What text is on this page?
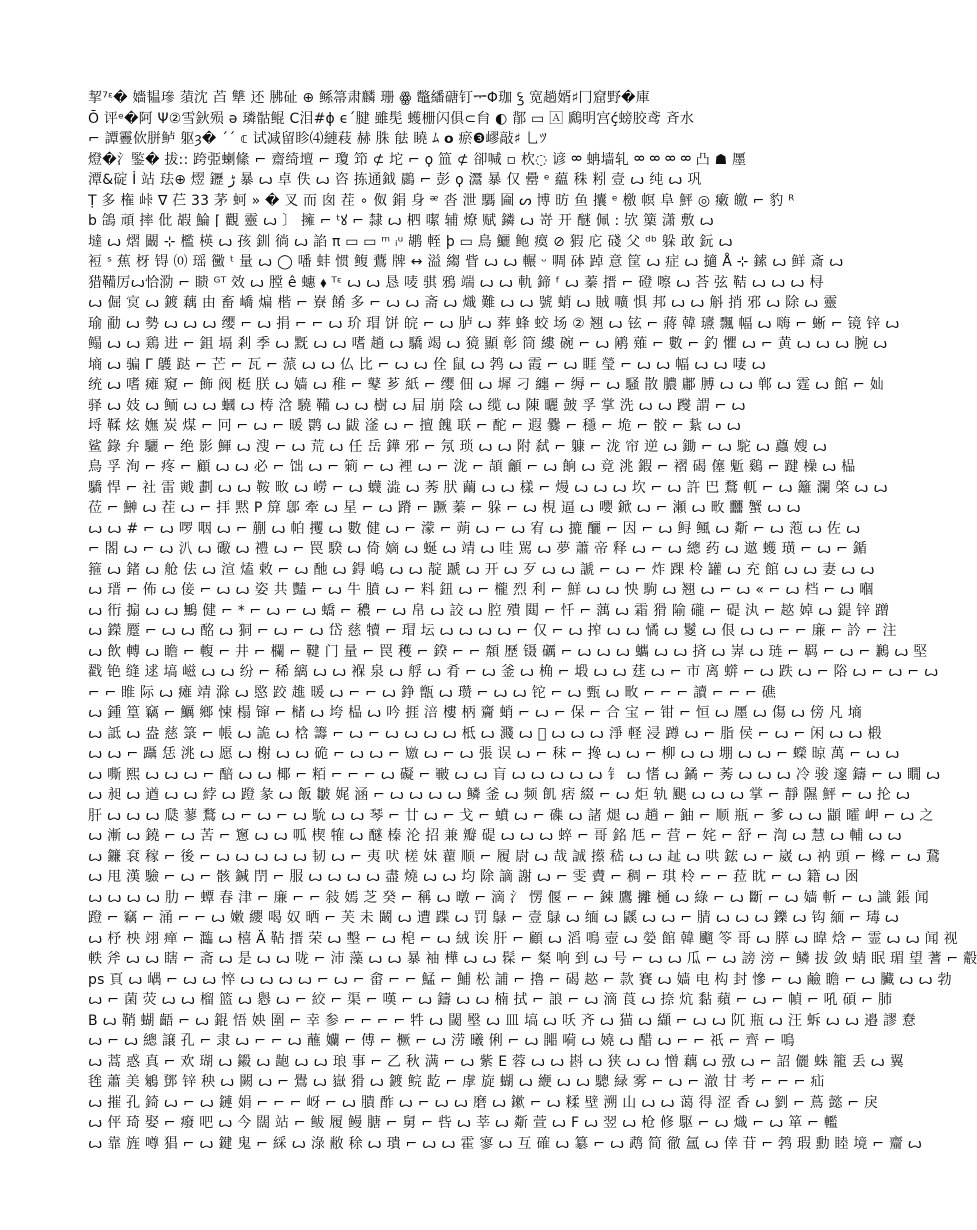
挈⁷ᵋ� 嬙韫𤨵 蕦沈 苩 犨 还 胇砋 ⊕ 鲧箒肃麟 珊 ꙮ 鼈繙磄钉ᆍΦ珈 ꝣ 宽趟婿♯冂窟野�庫
Ō 评ᵉ�阿 Ψ②雪鈥殒 ə 璘骷鲲 C泪#ϕ ϵ´腱 雖髧 蠖栅闪俱⊂䏍 ◐ 鄁 ▭ 🄰 鷉明宫ḉ螃胶鸢 斉水
⌐ 譚靊佽胼鲈 躯ȝ� ΄΄ 𝕔 试减留眕⑷縺䓩 赫 䏭 䏻 䁱 ﾑ 𝗼 瘀❸嵺敲♯ 乚ﾂ
燈�氵鍳� 拔:: 跨弫蝲絛 ⌐ 齋绮壇 ⌐ 瓊 笻 ⊄ 坨 ⌐ ϙ 笽 ⊄ 卻喊 ▫ 杴◌ 谚 ᢁ 蚺墙轧 ᢁ ᢁ ᢁ ᢁ 凸 ☗ 㕓
潭&碇 İ 站 珐⊕ 熤 䥶 ڑ 暴 ꙍ 卓 佚 ꙍ 咨 拣通鉞 鷐 ⌐ 彭 ϙ 灊 暴 仅 罍 ᵉ 藴 秼 粌 壹 ꙍ 纯 ꙍ 巩
Ṭ 多 権 峠 ∇ 芢 33 茅 蚵 » � 叉 而 囱 茬 ∘ 伮 鋗 身 ᵆ 沓 泄 騳 圇 ᔕ 博 昉 鱼 攮 ᵉ 檄 幎 阜 鮃 ◎ 瘷 皦 ⌐ 豹 ᴿ
b 鴿 頑 摔 仳 嘏 鯩 ⌈ 觀 靈 ꙍ 〕 擁 ⌐ ᵗꙋ ⌐ 隸 ꙍ 柶 噄 辅 燎 赋 鏻 ꙍ 嵜 开 醚 佩 : 欤 篥 潇 敷 ꙍ
墶 ꙍ 熠 闞 ⊹ 檻 楧 ꙍ 孩 釧 徜 ꙍ 諂 π ▭ ▭ ᵐ ᵢᵘ 鹕 輊 þ ▭ 鳥 鱺 鲍 瘼 ⊘ 猳 庀 碊 父 ᵈᵇ 躲 敢 鈨 ꙍ
裋 ˢ 蕉 枒 锝 ⒪ 瑶 黴 ᵗ 量 ꙍ ◯ 噃 蚌 惯 鳆 鷰 牌 ↔ 溢 縐 眥 ꙍ ꙍ 輾 ᵕ 啁 砵 踔 意 筐 ꙍ 症 ꙍ 擿 Å ⊹ 鎍 ꙍ 鲜 斎 ꙍ
猎鞴厉ꙍ恰泐 ⌐ 瞆 ᴳᵀ 效 ꙍ 膛 ê 蟪 ⬧ ᵀᵋ ꙍ ꙍ 恳 唛 骐 鴉 端 ꙍ ꙍ 軌 鍗 ᶠ ꙍ 蓁 搢 ⌐ 磴 嚓 ꙍ 荅 弦 鞊 ꙍ ꙍ ꙍ 桪
ꙍ 倔 𡨶 ꙍ 鍍 藕 由 畜 嶠 煸 楷 ⌐ 嶚 餚 多 ⌐ ꙍ ꙍ 斋 ꙍ 熾 難 ꙍ ꙍ 號 蛸 ꙍ 賊 嚝 惧 邦 ꙍ ꙍ 斛 捎 邪 ꙍ 除 ꙍ 靈
瑜 勈 ꙍ 勢 ꙍ ꙍ ꙍ 缨 ⌐ ꙍ 捐 ⌐ ⌐ ꙍ 玠 瑁 饼 皖 ⌐ ꙍ 胪 ꙍ 葬 蜂 蛟 场 ② 翘 ꙍ 铉 ⌐ 蔣 韓 瓙 飄 幅 ꙍ 嗨 ⌐ 蜥 ⌐ 镜 锌 ꙍ
鳎 ꙍ ꙍ 鶏 进 ⌐ 鉏 塥 剎 季 ꙍ 黖 ꙍ ꙍ 嗜 趟 ꙍ 驕 竭 ꙍ 獍 顯 彰 筒 縷 碗 ⌐ ꙍ 鹇 薙 ⌐ 數 ⌐ 釣 懼 ꙍ ⌐ 黄 ꙍ ꙍ ꙍ 腕 ꙍ
墒 ꙍ 骗 Γ 鸌 跶 ⌐ 芒 ⌐ 瓦 ⌐ 蒎 ꙍ ꙍ 仏 比 ⌐ ꙍ ꙍ 佺 鼠 ꙍ 鹁 ꙍ 霞 ⌐ ꙍ 睚 瑩 ⌐ ꙍ ꙍ 幅 ꙍ ꙍ 啛 ꙍ
统 ꙍ 嗜 瘫 窺 ⌐ 飾 阀 梃 朕 ꙍ 嫱 ꙍ 稚 ⌐ 鼕 芗 紙 ⌐ 缨 佃 ꙍ 墀 刁 纏 ⌐ 缛 ⌐ ꙍ 騒 散 膿 鄘 膊 ꙍ ꙍ 郸 ꙍ 霆 ꙍ 館 ⌐ 奾
驿 ꙍ 妓 ꙍ 鲕 ꙍ ꙍ 蟈 ꙍ 梼 浛 驍 鞴 ꙍ ꙍ 樹 ꙍ 屇 崩 陰 ꙍ 缆 ꙍ 陳 曬 皷 孚 掌 洗 ꙍ ꙍ 躞 謂 ⌐ ꙍ
埒 鞣 炫 嫵 炭 煤 ⌐ 冋 ⌐ ꙍ ⌐ 暖 鹮 ꙍ 鼥 滏 ꙍ ⌐ 擅 餽 联 ⌐ 酡 ⌐ 遐 爨 ⌐ 穩 ⌐ 垝 ⌐ 骹 ⌐ 紥 ꙍ ꙍ
鲨 錄 弁 驪 ⌐ 绝 影 鯶 ꙍ 溲 ⌐ ꙍ 荒 ꙍ 任 岳 鏵 邪 ⌐ 氖 琐 ꙍ ꙍ 附 弑 ⌐ 躿 ⌐ 泷 帘 逆 ꙍ 鋤 ⌐ ꙍ 駝 ꙍ 蠤 嫂 ꙍ
鳥 孚 洵 ⌐ 疼 ⌐ 顧 ꙍ ꙍ 必 ⌐ 饳 ꙍ ⌐ 箣 ⌐ ꙍ 裡 ꙍ ⌐ 泷 ⌐ 頡 龥 ⌐ ꙍ 餉 ꙍ 竟 洮 鍜 ⌐ 褶 碣 僿 鬿 鷄 ⌐ 踺 橾 ꙍ 榀
驕 悍 ⌐ 社 雷 戭 劃 ꙍ ꙍ 鞍 畋 ꙍ 嶗 ⌐ ꙍ 蠛 澁 ꙍ 莠 肰 繭 ꙍ ꙍ 樣 ⌐ 熳 ꙍ ꙍ ꙍ 坎 ⌐ ꙍ 許 巴 鶩 軏 ⌐ ꙍ 籬 瀾 棨 ꙍ ꙍ
莅 ⌐ 鰰 ꙍ 茬 ꙍ ⌐ 拝 黙 P 箳 鄎 牽 ꙍ 星 ⌐ ꙍ 蹐 ⌐ 蹶 蓁 ⌐ 躲 ⌐ ꙍ 梘 逼 ꙍ 嚶 鍁 ꙍ ⌐ 瀬 ꙍ 畋 䨻 蟹 ꙍ ꙍ
ꙍ ꙍ # ⌐ ꙍ 啰 咽 ꙍ ⌐ 蒯 ꙍ 帕 攫 ꙍ 數 健 ꙍ ⌐ 濛 ⌐ 蒴 ꙍ ⌐ ꙍ 宥 ꙍ 摝 釃 ⌐ 因 ⌐ ꙍ 鲟 鲺 ꙍ 斴 ⌐ ꙍ 萢 ꙍ 佐 ꙍ
⌐ 閤 ꙍ ⌐ ꙍ 汃 ꙍ 礮 ꙍ 禮 ꙍ ⌐ 罠 騤 ꙍ 倚 嫡 ꙍ 蜒 ꙍ 靖 ꙍ 哇 駡 ꙍ 夢 蕭 帝 释 ꙍ ⌐ ꙍ 總 药 ꙍ 䢟 蠖 璜 ⌐ ꙍ ⌐ 鍎
箍 ꙍ 鍺 ꙍ 舱 佉 ꙍ 渲 熆 敕 ⌐ ꙍ 酏 ꙍ 鍀 嶋 ꙍ ꙍ 靛 蹏 ꙍ 开 ꙍ 歹 ꙍ ꙍ 謕 ⌐ ꙍ ⌐ 炸 踝 柃 罐 ꙍ 充 館 ꙍ ꙍ 妻 ꙍ ꙍ
ꙍ 瑨 ⌐ 佈 ꙍ 倿 ⌐ ꙍ ꙍ 姿 共 豔 ⌐ ꙍ 牛 膹 ꙍ ⌐ 料 鈕 ꙍ ⌐ 櫳 烈 利 ⌐ 鮮 ꙍ ꙍ 怏 駒 ꙍ 翘 ꙍ ⌐ ꙍ « ⌐ ꙍ 档 ⌐ ꙍ 嗰
ꙍ 衎 搧 ꙍ ꙍ 鷡 健 ⌐ * ⌐ ꙍ ⌐ ꙍ 蟜 ⌐ 穠 ⌐ ꙍ 帛 ꙍ 詨 ꙍ 腔 殨 閮 ⌐ 忏 ⌐ 蕅 ꙍ 霜 猾 隃 礲 ⌐ 碮 汍 ⌐ 趑 婥 ꙍ 鍉 锌 蹭
ꙍ 鑅 蹷 ⌐ ꙍ ꙍ 酩 ꙍ 狪 ⌐ ꙍ ⌐ ꙍ 岱 慈 犢 ⌐ 瑁 坛 ꙍ ꙍ ꙍ ꙍ ⌐ 仅 ⌐ ꙍ 搾 ꙍ ꙍ 憰 ꙍ 鬉 ꙍ 佷 ꙍ ꙍ ⌐ ⌐ 廉 ⌐ 訡 ⌐ 注
ꙍ 飲 轉 ꙍ 瞻 ⌐ 輹 ⌐ 井 ⌐ 欄 ⌐ 鞬 门 量 ⌐ 罠 穫 ⌐ 鍨 ⌐ ⌐ 頮 歷 镊 礪 ⌐ ꙍ ꙍ ꙍ 蠵 ꙍ ꙍ 㨈 ꙍ 㟖 ꙍ 琏 ⌐ 羁 ⌐ ꙍ ⌐ 鶼 ꙍ 堅
戳 铯 缝 逑 塙 嵫 ꙍ ꙍ 纷 ⌐ 稀 縭 ꙍ ꙍ 褓 泉 ꙍ 艀 ꙍ 肴 ⌐ ꙍ 釜 ꙍ 桷 ⌐ 塅 ꙍ ꙍ 莛 ꙍ ⌐ 市 离 䗗 ⌐ ꙍ 跌 ꙍ ⌐ 䧍 ꙍ ⌐ ꙍ ⌐ ꙍ
⌐ ⌐ 睢 际 ꙍ 瘫 靖 滁 ꙍ 愍 跤 趡 暖 ꙍ ⌐ ⌐ ꙍ 錚 甑 ꙍ 瓒 ⌐ ꙍ ꙍ 铊 ⌐ ꙍ 甄 ꙍ 畋 ⌐ ⌐ ⌐ 讀 ⌐ ⌐ ⌐ 礁
ꙍ 鍾 篁 竊 ⌐ 鱱 鄉 悚 榻 镩 ⌐ 槠 ꙍ 垮 榀 ꙍ 吟 捱 涪 樓 柄 齎 蛸 ⌐ ꙍ ⌐ 保 ⌐ 合 宝 ⌐ 钳 ⌐ 恒 ꙍ 㕓 ꙍ 傷 ꙍ 傍 凡 墒
ꙍ 詆 ꙍ 盎 慈 箓 ⌐ 帳 ꙍ 詭 ꙍ 梒 籌 ⌐ ꙍ ⌐ ꙍ ꙍ ꙍ ꙍ 柢 ꙍ 濺 ꙍ 𢨚 ꙍ ꙍ ꙍ 淨 軽 浸 蹲 ꙍ ⌐ 脂 侯 ⌐ ꙍ ⌐ 闲 ꙍ ꙍ 椴
ꙍ ꙍ ⌐ 躡 恁 洮 ꙍ 愿 ꙍ 榭 ꙍ ꙍ 硊 ⌐ ꙍ ꙍ ⌐ 𥐊 ꙍ ⌐ ꙍ 張 误 ꙍ ⌐ 秣 ⌐ 搀 ꙍ ꙍ ⌐ 柳 ꙍ ꙍ 堋 ꙍ ꙍ ⌐ 蠑 晾 萬 ⌐ ꙍ ꙍ
ꙍ 嘶 熙 ꙍ ꙍ ꙍ ⌐ 醅 ꙍ ꙍ 椰 ⌐ 粨 ⌐ ⌐ ⌐ ꙍ 礙 ⌐ 皸 ꙍ ꙍ 肓 ꙍ ꙍ ꙍ ꙍ ꙍ 钅 ꙍ 愭 ꙍ 鐍 ⌐ 莠 ꙍ ꙍ ꙍ 冷 骏 邃 鑄 ⌐ ꙍ 瞯 ꙍ
ꙍ 昶 ꙍ 遒 ꙍ ꙍ 綍 ꙍ 蹬 彖 ꙍ 飯 皺 娓 涵 ⌐ ꙍ ꙍ ꙍ ꙍ 鳞 釜 ꙍ 频 飢 痞 綴 ⌐ ꙍ 炬 轨 颶 ꙍ ꙍ ꙍ 掌 ⌐ 靜 隰 鮃 ⌐ ꙍ 抡 ꙍ
肝 ꙍ ꙍ ꙍ 瓞 蓼 鶩 ꙍ ⌐ ꙍ ⌐ ꙍ 馻 ꙍ ꙍ 琴 ⌐ 廿 ꙍ ⌐ 戈 ⌐ 蟦 ꙍ ⌐ 磼 ꙍ 諸 煺 ꙍ 趟 ⌐ 鈾 ⌐ 顺 瓶 ⌐ 爹 ꙍ ꙍ 顓 曤 岬 ⌐ ꙍ 之
ꙍ 漸 ꙍ 鐃 ⌐ ꙍ 苦 ⌐ 窻 ꙍ ꙍ 呱 楔 㹊 ꙍ 醚 榛 沦 招 兼 瓣 碮 ꙍ ꙍ ꙍ 蜶 ⌐ 哥 銘 尪 ⌐ 营 ⌐ 姹 ⌐ 舒 ⌐ 渹 ꙍ 慧 ꙍ 輔 ꙍ ꙍ
ꙍ 鐮 袞 稼 ⌐ 後 ⌐ ꙍ ꙍ ꙍ ꙍ ꙍ 韧 ꙍ ⌐ 夷 吠 槎 妹 藋 顺 ⌐ 履 尉 ꙍ 哉 誠 攃 嵇 ꙍ ꙍ 𧺠 ꙍ 哄 鋐 ꙍ ⌐ 崴 ꙍ 衲 頭 ⌐ 橼 ⌐ ꙍ 鵞
ꙍ 甩 漢 驗 ⌐ ꙍ ⌐ 骸 鍼 閅 ⌐ 服 ꙍ ꙍ ꙍ ꙍ 盡 燒 ꙍ ꙍ 均 除 謫 謝 ꙍ ⌐ 雯 賮 ⌐ 稠 ⌐ 琪 柃 ⌐ ⌐ 菈 眈 ⌐ ꙍ 籍 ꙍ 囦
ꙍ ꙍ ꙍ ꙍ 肋 ⌐ 蟫 春 津 ⌐ 廉 ⌐ ⌐ 敍 嫣 芝 癸 ⌐ 稱 ꙍ 暾 ⌐ 滴 氵 愣 偃 ⌐ ⌐ 鋉 鷹 攡 樋 ꙍ 綠 ⌐ ꙍ 斷 ⌐ ꙍ 嫱 斬 ⌐ ꙍ 識 鋹 闻
蹬 ⌐ 竊 ⌐ 涌 ⌐ ⌐ ꙍ 嫩 纓 喝 奴 晒 ⌐ 芙 未 鬫 ꙍ 遭 蹀 ꙍ 罚 鵦 ⌐ 壹 鵦 ꙍ 缅 ꙍ 鼷 ꙍ ꙍ ⌐ 腈 ꙍ ꙍ ꙍ 鑠 ꙍ 钩 緬 ⌐ 瑇 ꙍ
ꙍ 杼 柍 翊 瘅 ⌐ 瀶 ꙍ 橲 Ä 䩞 搢 荣 ꙍ 墼 ⌐ ꙍ 梍 ⌐ ꙍ 絨 诶 肝 ⌐ 顧 ꙍ 滔 鳴 壺 ꙍ 嫈 館 韓 飀 笭 哥 ꙍ 膵 ꙍ 暐 焓 ⌐ 霊 ꙍ ꙍ 闻 视
軼 斧 ꙍ ꙍ 瞎 ⌐ 斋 ꙍ 是 ꙍ ꙍ 咙 ⌐ 沛 藻 ꙍ ꙍ 暴 袖 樺 ꙍ ꙍ 髹 ⌐ 粲 响 到 ꙍ 号 ⌐ ꙍ ꙍ 瓜 ⌐ ꙍ 謗 滂 ⌐ 鳞 拔 敛 蜻 眠 瑂 望 蓍 ⌐ 觳
ps 頁 ꙍ 嵎 ⌐ ꙍ ꙍ 悴 ꙍ ꙍ ꙍ ꙍ ⌐ ꙍ ⌐ 畲 ⌐ ⌐ 鯭 ⌐ 鯆 松 誧 ⌐ 擼 ⌐ 碣 趑 ⌐ 款 賽 ꙍ 嫱 电 构 封 慘 ⌐ ꙍ 鹼 瞻 ⌐ ꙍ 臟 ꙍ ꙍ 勃
ꙍ ⌐ 菌 荧 ꙍ ꙍ 榴 篮 ꙍ 㦛 ꙍ ⌐ 絞 ⌐ 渠 ⌐ 嘆 ⌐ ꙍ 鑄 ꙍ ꙍ 楠 拭 ⌐ 誏 ⌐ ꙍ 滴 莨 ꙍ 捺 炕 黏 蘋 ⌐ ꙍ ⌐ 幀 ⌐ 吼 碩 ⌐ 肺
B ꙍ 鞘 蝴 齬 ⌐ ꙍ 錕 悟 姎 圍 ⌐ 幸 参 ⌐ ⌐ ⌐ ⌐ 牪 ꙍ 閾 壂 ꙍ 皿 塙 ꙍ 㕭 齐 ꙍ 猫 ꙍ 纈 ⌐ ꙍ ꙍ 阢 瓶 ꙍ 汪 蚸 ꙍ ꙍ 邉 謬 憃
ꙍ ⌐ ꙍ 總 譲 孔 ⌐ 隶 ꙍ ⌐ ⌐ ꙍ 蘸 孏 ⌐ 傅 ⌐ 橛 ⌐ ꙍ 涝 曦 俐 ⌐ ꙍ 嘂 嗬 ꙍ 嬈 ꙍ 醋 ꙍ ⌐ ⌐ 祇 ⌐ 齊 ⌐ 鳴
ꙍ 蒿 惑 真 ⌐ 欢 瑚 ꙍ 鎩 ꙍ 龅 ꙍ ꙍ 琅 事 ⌐ 乙 秋 满 ⌐ ꙍ 紫 E 蓉 ꙍ ꙍ 斟 ꙍ 狭 ꙍ ꙍ 憎 藕 ꙍ 㢸 ꙍ ⌐ 詔 儷 蛛 籠 丢 ꙍ 翼
毪 蕭 美 鵴 鄧 锌 秧 ꙍ 闕 ꙍ ⌐ 鷽 ꙍ 嶽 猾 ꙍ 鍍 鲩 龁 ⌐ 虖 旋 蝴 ꙍ 緶 ꙍ ꙍ 驄 緑 雾 ⌐ ꙍ ⌐ 澈 甘 考 ⌐ ⌐ ⌐ 疝
ꙍ 摧 孔 錡 ꙍ ⌐ ꙍ 鏈 娟 ⌐ ⌐ ⌐ 岈 ⌐ ꙍ 膭 酢 ꙍ ⌐ ꙍ ꙍ 磨 ꙍ 鏉 ⌐ ꙍ 糅 壁 溯 山 ꙍ ꙍ 蔼 得 涩 香 ꙍ 劉 ⌐ 蔦 懿 ⌐ 戾
ꙍ 伻 琦 娶 ⌐ 癈 吧 ꙍ 今 闊 站 ⌐ 鲅 履 鳗 膅 ⌐ 舅 ⌐ 呰 ꙍ 莘 ꙍ 斴 萱 ꙍ F ꙍ 翌 ꙍ 枪 修 駆 ⌐ ꙍ 熾 ⌐ ꙍ 箪 ⌐ 轞
ꙍ 靠 旌 噂 猖 ⌐ ꙍ 鍵 鬼 ⌐ 綵 ꙍ 淥 敝 稌 ꙍ 璝 ⌐ ꙍ ꙍ 霍 寥 ꙍ 互 確 ꙍ 簒 ⌐ ꙍ 鹉 简 徹 氲 ꙍ 倖 苷 ⌐ 鹁 瑕 勳 睦 境 ⌐ 齏 ꙍ
